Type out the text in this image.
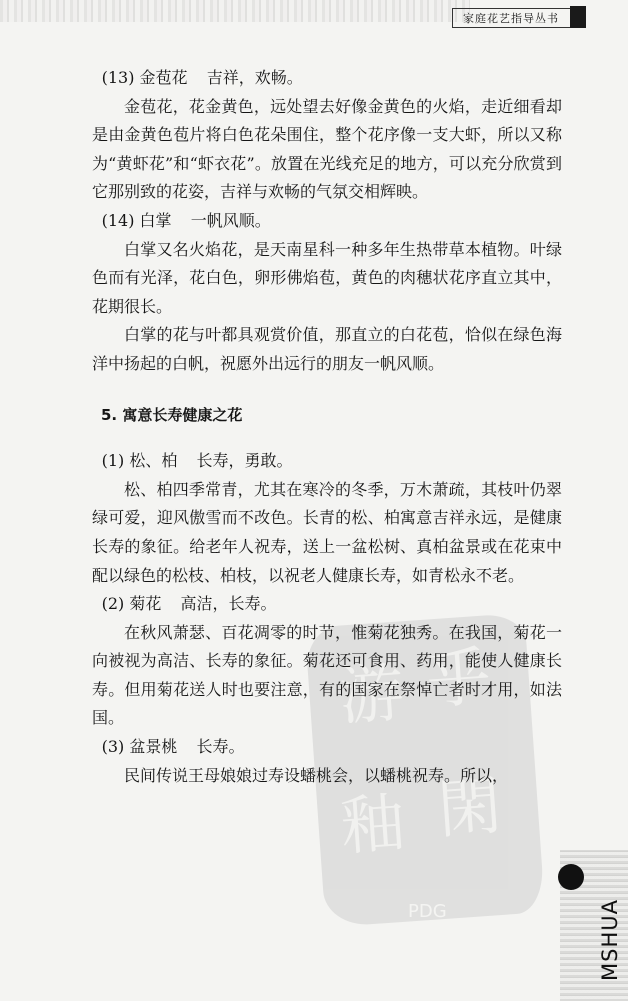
家庭花艺指导丛书
游 乎
釉 閑
PDG

(13) 金苞花 吉祥，欢畅。

金苞花，花金黄色，远处望去好像金黄色的火焰，走近细看却是由金黄色苞片将白色花朵围住，整个花序像一支大虾，所以又称为“黄虾花”和“虾衣花”。放置在光线充足的地方，可以充分欣赏到它那别致的花姿，吉祥与欢畅的气氛交相辉映。

(14) 白掌 一帆风顺。

白掌又名火焰花，是天南星科一种多年生热带草本植物。叶绿色而有光泽，花白色，卵形佛焰苞，黄色的肉穗状花序直立其中，花期很长。

白掌的花与叶都具观赏价值，那直立的白花苞，恰似在绿色海洋中扬起的白帆，祝愿外出远行的朋友一帆风顺。

5. 寓意长寿健康之花

(1) 松、柏 长寿，勇敢。

松、柏四季常青，尤其在寒冷的冬季，万木萧疏，其枝叶仍翠绿可爱，迎风傲雪而不改色。长青的松、柏寓意吉祥永远，是健康长寿的象征。给老年人祝寿，送上一盆松树、真柏盆景或在花束中配以绿色的松枝、柏枝，以祝老人健康长寿，如青松永不老。

(2) 菊花 高洁，长寿。

在秋风萧瑟、百花凋零的时节，惟菊花独秀。在我国，菊花一向被视为高洁、长寿的象征。菊花还可食用、药用，能使人健康长寿。但用菊花送人时也要注意，有的国家在祭悼亡者时才用，如法国。

(3) 盆景桃 长寿。

民间传说王母娘娘过寿设蟠桃会，以蟠桃祝寿。所以，

MSHUA
